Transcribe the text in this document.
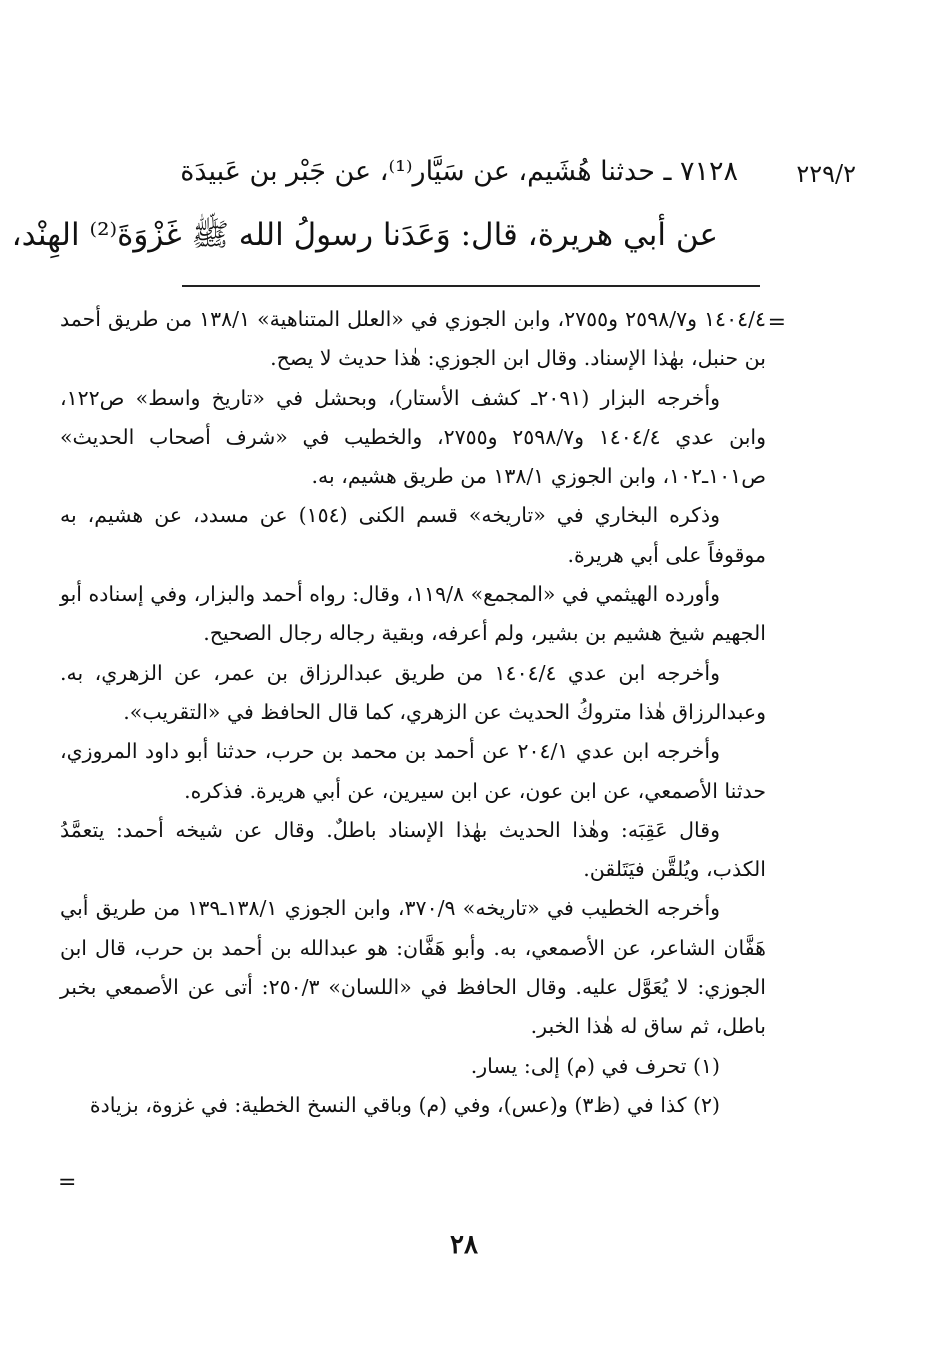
٢٢٩/٢
٧١٢٨ ـ حدثنا هُشَيم، عن سَيَّار⁽¹⁾، عن جَبْر بن عَبيدَة
عن أبي هريرة، قال: وَعَدَنا رسولُ الله ﷺ غَزْوَةَ⁽²⁾ الهِنْد،
=

١٤٠٤/٤ و٢٥٩٨/٧ و٢٧٥٥، وابن الجوزي في «العلل المتناهية» ١٣٨/١ من طريق أحمد بن حنبل، بهٰذا الإسناد. وقال ابن الجوزي: هٰذا حديث لا يصح.

وأخرجه البزار (٢٠٩١ـ كشف الأستار)، وبحشل في «تاريخ واسط» ص١٢٢، وابن عدي ١٤٠٤/٤ و٢٥٩٨/٧ و٢٧٥٥، والخطيب في «شرف أصحاب الحديث» ص١٠١ـ١٠٢، وابن الجوزي ١٣٨/١ من طريق هشيم، به.

وذكره البخاري في «تاريخه» قسم الكنى (١٥٤) عن مسدد، عن هشيم، به موقوفاً على أبي هريرة.

وأورده الهيثمي في «المجمع» ١١٩/٨، وقال: رواه أحمد والبزار، وفي إسناده أبو الجهيم شيخ هشيم بن بشير، ولم أعرفه، وبقية رجاله رجال الصحيح.

وأخرجه ابن عدي ١٤٠٤/٤ من طريق عبدالرزاق بن عمر، عن الزهري، به. وعبدالرزاق هٰذا متروكُ الحديث عن الزهري، كما قال الحافظ في «التقريب».

وأخرجه ابن عدي ٢٠٤/١ عن أحمد بن محمد بن حرب، حدثنا أبو داود المروزي، حدثنا الأصمعي، عن ابن عون، عن ابن سيرين، عن أبي هريرة. فذكره.

وقال عَقِبَه: وهٰذا الحديث بهٰذا الإسناد باطلٌ. وقال عن شيخه أحمد: يتعمَّدُ الكذب، ويُلقَّن فيَتَلقن.

وأخرجه الخطيب في «تاريخه» ٣٧٠/٩، وابن الجوزي ١٣٨/١ـ١٣٩ من طريق أبي هَفَّان الشاعر، عن الأصمعي، به. وأبو هَفَّان: هو عبدالله بن أحمد بن حرب، قال ابن الجوزي: لا يُعَوَّل عليه. وقال الحافظ في «اللسان» ٢٥٠/٣: أتى عن الأصمعي بخبر باطل، ثم ساق له هٰذا الخبر.

(١) تحرف في (م) إلى: يسار.

(٢) كذا في (ظ٣) و(عس)، وفي (م) وباقي النسخ الخطية: في غزوة، بزيادة

=
٢٨
